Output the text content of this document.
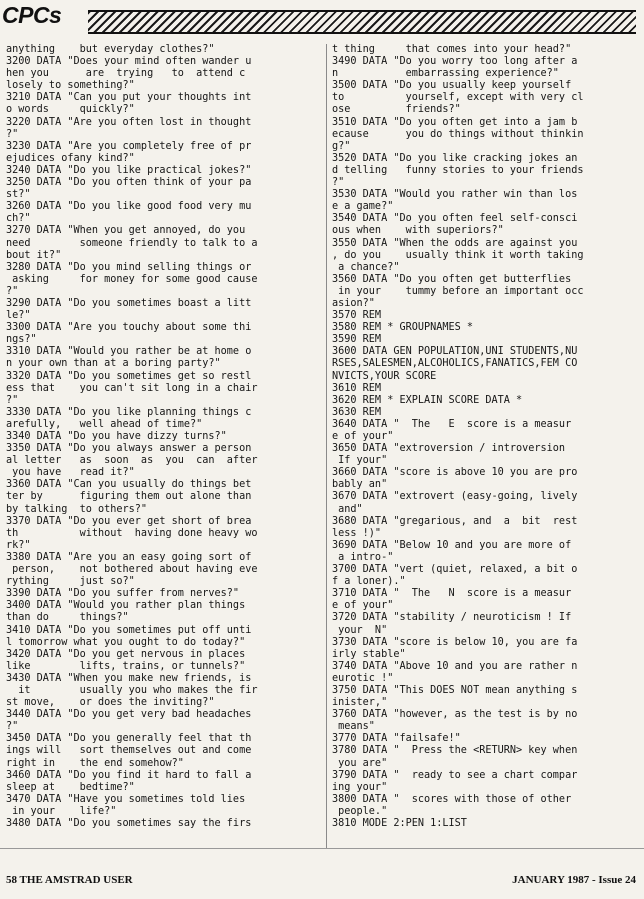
CPCs
anything    but everyday clothes?"
3200 DATA "Does your mind often wander u
hen you      are  trying   to  attend c
losely to something?"
3210 DATA "Can you put your thoughts int
o words     quickly?"
3220 DATA "Are you often lost in thought
?"
3230 DATA "Are you completely free of pr
ejudices ofany kind?"
3240 DATA "Do you like practical jokes?"
3250 DATA "Do you often think of your pa
st?"
3260 DATA "Do you like good food very mu
ch?"
3270 DATA "When you get annoyed, do you
need        someone friendly to talk to a
bout it?"
3280 DATA "Do you mind selling things or
asking     for money for some good cause
?"
3290 DATA "Do you sometimes boast a litt
le?"
3300 DATA "Are you touchy about some thi
ngs?"
3310 DATA "Would you rather be at home o
n your own than at a boring party?"
3320 DATA "Do you sometimes get so restl
ess that    you can't sit long in a chair
?"
3330 DATA "Do you like planning things c
arefully,   well ahead of time?"
3340 DATA "Do you have dizzy turns?"
3350 DATA "Do you always answer a person
al letter   as  soon  as  you  can  after
you have   read it?"
3360 DATA "Can you usually do things bet
ter by      figuring them out alone than
by talking  to others?"
3370 DATA "Do you ever get short of brea
th          without  having done heavy wo
rk?"
3380 DATA "Are you an easy going sort of
person,    not bothered about having eve
rything     just so?"
3390 DATA "Do you suffer from nerves?"
3400 DATA "Would you rather plan things
than do     things?"
3410 DATA "Do you sometimes put off unti
l tomorrow what you ought to do today?"
3420 DATA "Do you get nervous in places
like        lifts, trains, or tunnels?"
3430 DATA "When you make new friends, is
it        usually you who makes the fir
st move,    or does the inviting?"
3440 DATA "Do you get very bad headaches
?"
3450 DATA "Do you generally feel that th
ings will   sort themselves out and come
right in    the end somehow?"
3460 DATA "Do you find it hard to fall a
sleep at    bedtime?"
3470 DATA "Have you sometimes told lies
in your    life?"
3480 DATA "Do you sometimes say the firs
t thing     that comes into your head?"
3490 DATA "Do you worry too long after a
n           embarrassing experience?"
3500 DATA "Do you usually keep yourself
to          yourself, except with very cl
ose         friends?"
3510 DATA "Do you often get into a jam b
ecause      you do things without thinkin
g?"
3520 DATA "Do you like cracking jokes an
d telling   funny stories to your friends
?"
3530 DATA "Would you rather win than los
e a game?"
3540 DATA "Do you often feel self-consci
ous when    with superiors?"
3550 DATA "When the odds are against you
, do you    usually think it worth taking
a chance?"
3560 DATA "Do you often get butterflies
in your    tummy before an important occ
asion?"
3570 REM
3580 REM * GROUPNAMES *
3590 REM
3600 DATA GEN POPULATION,UNI STUDENTS,NU
RSES,SALESMEN,ALCOHOLICS,FANATICS,FEM CO
NVICTS,YOUR SCORE
3610 REM
3620 REM * EXPLAIN SCORE DATA *
3630 REM
3640 DATA "  The   E  score is a measur
e of your"
3650 DATA "extroversion / introversion
If your"
3660 DATA "score is above 10 you are pro
bably an"
3670 DATA "extrovert (easy-going, lively
and"
3680 DATA "gregarious, and  a  bit  rest
less !)"
3690 DATA "Below 10 and you are more of
a intro-"
3700 DATA "vert (quiet, relaxed, a bit o
f a loner)."
3710 DATA "  The   N  score is a measur
e of your"
3720 DATA "stability / neuroticism ! If
your  N"
3730 DATA "score is below 10, you are fa
irly stable"
3740 DATA "Above 10 and you are rather n
eurotic !"
3750 DATA "This DOES NOT mean anything s
inister,"
3760 DATA "however, as the test is by no
means"
3770 DATA "failsafe!"
3780 DATA "  Press the <RETURN> key when
you are"
3790 DATA "  ready to see a chart compar
ing your"
3800 DATA "  scores with those of other
people."
3810 MODE 2:PEN 1:LIST
58 THE AMSTRAD USER	JANUARY 1987 - Issue 24
